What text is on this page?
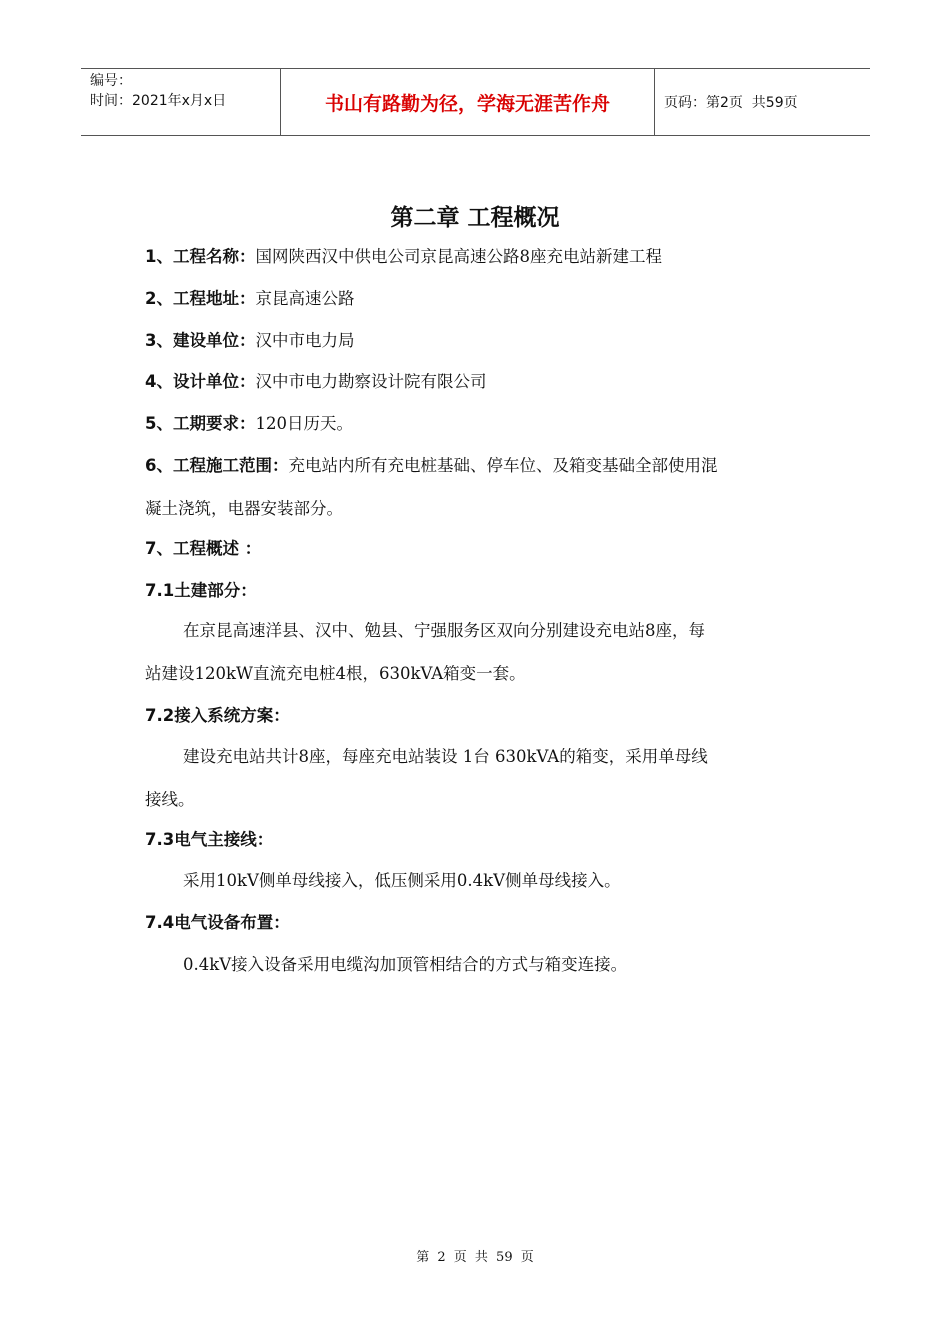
编号：
时间：2021年x月x日	书山有路勤为径，学海无涯苦作舟	页码：第2页  共59页
第二章 工程概况
1、工程名称：国网陕西汉中供电公司京昆高速公路8座充电站新建工程
2、工程地址：京昆高速公路
3、建设单位：汉中市电力局
4、设计单位：汉中市电力勘察设计院有限公司
5、工期要求：120日历天。
6、工程施工范围：充电站内所有充电桩基础、停车位、及箱变基础全部使用混
凝土浇筑，电器安装部分。
7、工程概述 ：
7.1土建部分：
在京昆高速洋县、汉中、勉县、宁强服务区双向分别建设充电站8座，每
站建设120kW直流充电桩4根，630kVA箱变一套。
7.2接入系统方案：
建设充电站共计8座，每座充电站装设 1台 630kVA的箱变，采用单母线
接线。
7.3电气主接线：
采用10kV侧单母线接入，低压侧采用0.4kV侧单母线接入。
7.4电气设备布置：
0.4kV接入设备采用电缆沟加顶管相结合的方式与箱变连接。
第 2 页 共 59 页
